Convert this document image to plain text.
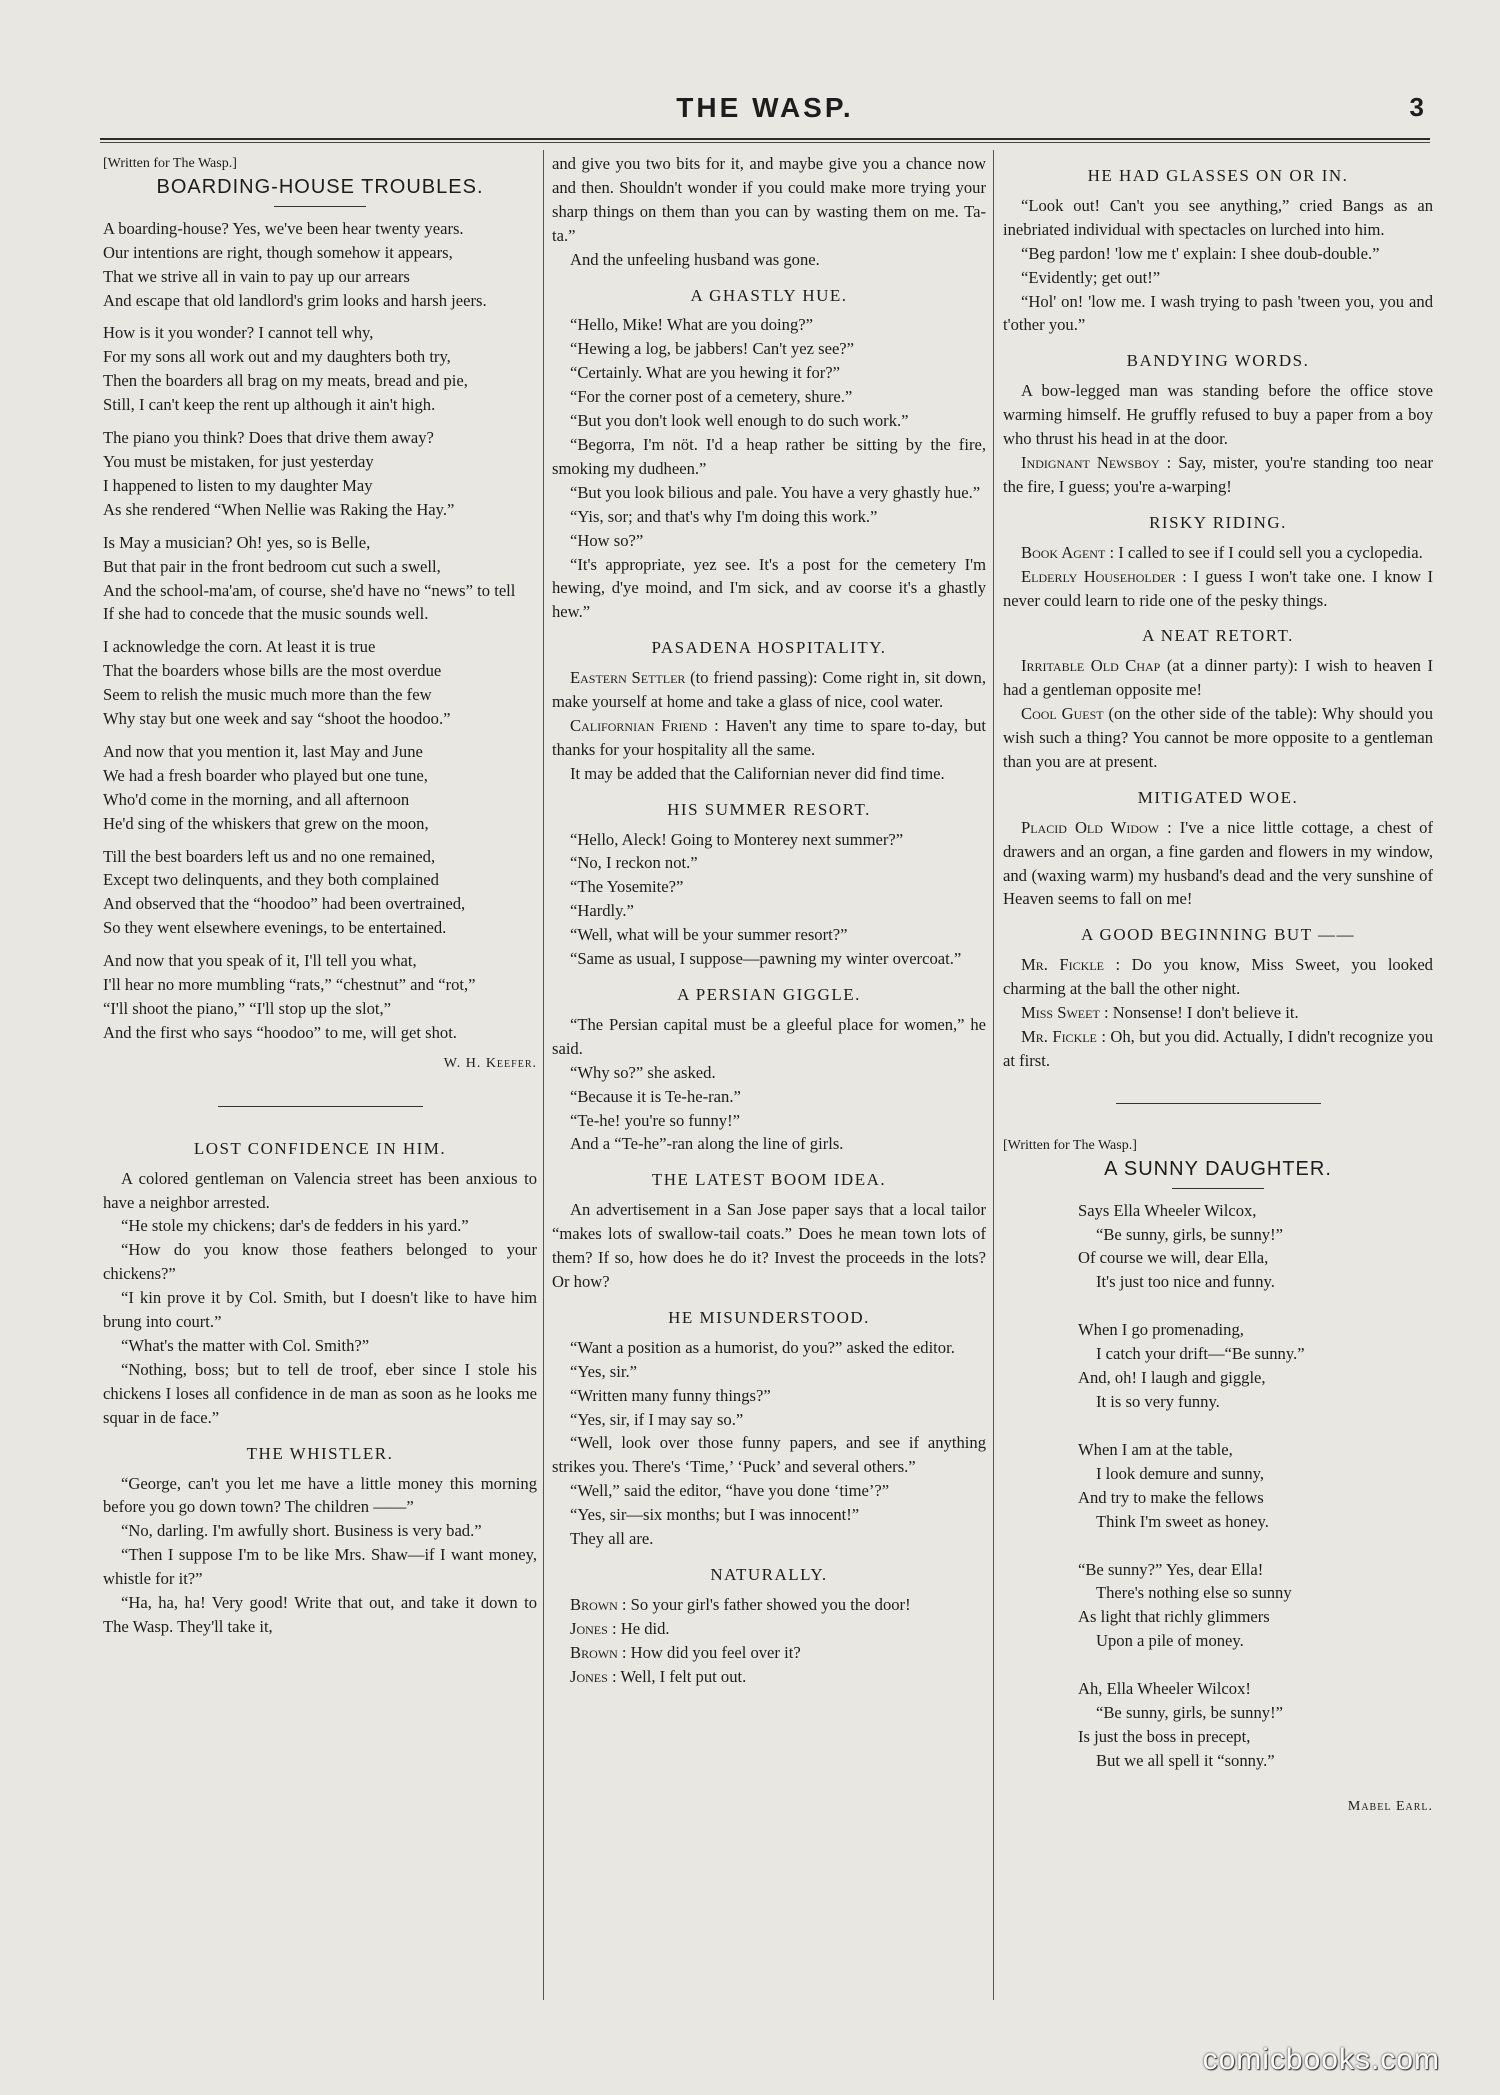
THE WASP.	3
[Written for The Wasp.]
BOARDING-HOUSE TROUBLES.
A boarding-house? Yes, we've been hear twenty years.
Our intentions are right, though somehow it appears,
That we strive all in vain to pay up our arrears
And escape that old landlord's grim looks and harsh jeers.
How is it you wonder? I cannot tell why,
For my sons all work out and my daughters both try,
Then the boarders all brag on my meats, bread and pie,
Still, I can't keep the rent up although it ain't high.
The piano you think? Does that drive them away?
You must be mistaken, for just yesterday
I happened to listen to my daughter May
As she rendered “When Nellie was Raking the Hay.”
Is May a musician? Oh! yes, so is Belle,
But that pair in the front bedroom cut such a swell,
And the school-ma'am, of course, she'd have no “news” to tell
If she had to concede that the music sounds well.
I acknowledge the corn. At least it is true
That the boarders whose bills are the most overdue
Seem to relish the music much more than the few
Why stay but one week and say “shoot the hoodoo.”
And now that you mention it, last May and June
We had a fresh boarder who played but one tune,
Who'd come in the morning, and all afternoon
He'd sing of the whiskers that grew on the moon,
Till the best boarders left us and no one remained,
Except two delinquents, and they both complained
And observed that the “hoodoo” had been overtrained,
So they went elsewhere evenings, to be entertained.
And now that you speak of it, I'll tell you what,
I'll hear no more mumbling “rats,” “chestnut” and “rot,”
“I'll shoot the piano,” “I'll stop up the slot,”
And the first who says “hoodoo” to me, will get shot.
W. H. Keefer.
LOST CONFIDENCE IN HIM.

A colored gentleman on Valencia street has been anxious to have a neighbor arrested.

“He stole my chickens; dar's de fedders in his yard.”

“How do you know those feathers belonged to your chickens?”

“I kin prove it by Col. Smith, but I doesn't like to have him brung into court.”

“What's the matter with Col. Smith?”

“Nothing, boss; but to tell de troof, eber since I stole his chickens I loses all confidence in de man as soon as he looks me squar in de face.”

THE WHISTLER.

“George, can't you let me have a little money this morning before you go down town? The children ——”

“No, darling. I'm awfully short. Business is very bad.”

“Then I suppose I'm to be like Mrs. Shaw—if I want money, whistle for it?”

“Ha, ha, ha! Very good! Write that out, and take it down to The Wasp. They'll take it,

and give you two bits for it, and maybe give you a chance now and then. Shouldn't wonder if you could make more trying your sharp things on them than you can by wasting them on me. Ta-ta.”

And the unfeeling husband was gone.

A GHASTLY HUE.

“Hello, Mike! What are you doing?”

“Hewing a log, be jabbers! Can't yez see?”

“Certainly. What are you hewing it for?”

“For the corner post of a cemetery, shure.”

“But you don't look well enough to do such work.”

“Begorra, I'm nöt. I'd a heap rather be sitting by the fire, smoking my dudheen.”

“But you look bilious and pale. You have a very ghastly hue.”

“Yis, sor; and that's why I'm doing this work.”

“How so?”

“It's appropriate, yez see. It's a post for the cemetery I'm hewing, d'ye moind, and I'm sick, and av coorse it's a ghastly hew.”

PASADENA HOSPITALITY.

Eastern Settler (to friend passing): Come right in, sit down, make yourself at home and take a glass of nice, cool water.

Californian Friend : Haven't any time to spare to-day, but thanks for your hospitality all the same.

It may be added that the Californian never did find time.

HIS SUMMER RESORT.

“Hello, Aleck! Going to Monterey next summer?”

“No, I reckon not.”

“The Yosemite?”

“Hardly.”

“Well, what will be your summer resort?”

“Same as usual, I suppose—pawning my winter overcoat.”

A PERSIAN GIGGLE.

“The Persian capital must be a gleeful place for women,” he said.

“Why so?” she asked.

“Because it is Te-he-ran.”

“Te-he! you're so funny!”

And a “Te-he”-ran along the line of girls.

THE LATEST BOOM IDEA.

An advertisement in a San Jose paper says that a local tailor “makes lots of swallow-tail coats.” Does he mean town lots of them? If so, how does he do it? Invest the proceeds in the lots? Or how?

HE MISUNDERSTOOD.

“Want a position as a humorist, do you?” asked the editor.

“Yes, sir.”

“Written many funny things?”

“Yes, sir, if I may say so.”

“Well, look over those funny papers, and see if anything strikes you. There's ‘Time,’ ‘Puck’ and several others.”

“Well,” said the editor, “have you done ‘time’?”

“Yes, sir—six months; but I was innocent!”

They all are.

NATURALLY.

Brown : So your girl's father showed you the door!

Jones : He did.

Brown : How did you feel over it?

Jones : Well, I felt put out.

HE HAD GLASSES ON OR IN.

“Look out! Can't you see anything,” cried Bangs as an inebriated individual with spectacles on lurched into him.

“Beg pardon! 'low me t' explain: I shee doub-double.”

“Evidently; get out!”

“Hol' on! 'low me. I wash trying to pash 'tween you, you and t'other you.”

BANDYING WORDS.

A bow-legged man was standing before the office stove warming himself. He gruffly refused to buy a paper from a boy who thrust his head in at the door.

Indignant Newsboy : Say, mister, you're standing too near the fire, I guess; you're a-warping!

RISKY RIDING.

Book Agent : I called to see if I could sell you a cyclopedia.

Elderly Householder : I guess I won't take one. I know I never could learn to ride one of the pesky things.

A NEAT RETORT.

Irritable Old Chap (at a dinner party): I wish to heaven I had a gentleman opposite me!

Cool Guest (on the other side of the table): Why should you wish such a thing? You cannot be more opposite to a gentleman than you are at present.

MITIGATED WOE.

Placid Old Widow : I've a nice little cottage, a chest of drawers and an organ, a fine garden and flowers in my window, and (waxing warm) my husband's dead and the very sunshine of Heaven seems to fall on me!

A GOOD BEGINNING BUT ——

Mr. Fickle : Do you know, Miss Sweet, you looked charming at the ball the other night.

Miss Sweet : Nonsense! I don't believe it.

Mr. Fickle : Oh, but you did. Actually, I didn't recognize you at first.

[Written for The Wasp.]
A SUNNY DAUGHTER.
Says Ella Wheeler Wilcox,
“Be sunny, girls, be sunny!”
Of course we will, dear Ella,
It's just too nice and funny.
When I go promenading,
I catch your drift—“Be sunny.”
And, oh! I laugh and giggle,
It is so very funny.
When I am at the table,
I look demure and sunny,
And try to make the fellows
Think I'm sweet as honey.
“Be sunny?” Yes, dear Ella!
There's nothing else so sunny
As light that richly glimmers
Upon a pile of money.
Ah, Ella Wheeler Wilcox!
“Be sunny, girls, be sunny!”
Is just the boss in precept,
But we all spell it “sonny.”
Mabel Earl.
comicbooks.com
